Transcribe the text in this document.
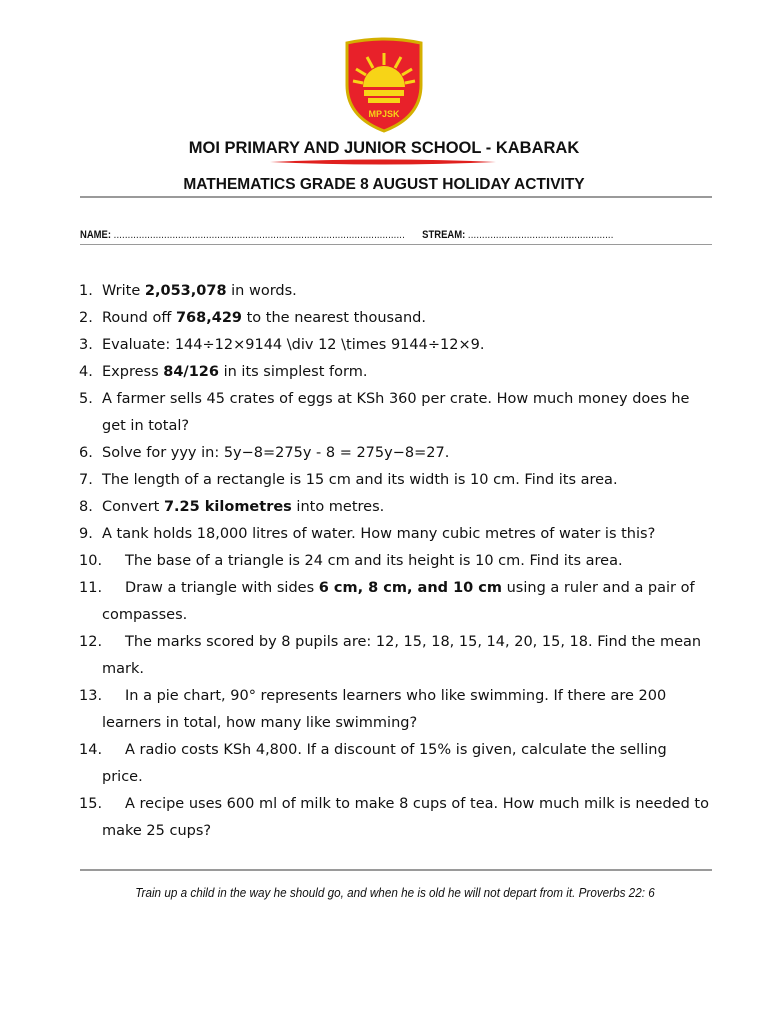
MPJSK
MOI PRIMARY AND JUNIOR SCHOOL - KABARAK
MATHEMATICS GRADE 8 AUGUST HOLIDAY ACTIVITY
NAME: ........................................................................................................ STREAM: ....................................................
1. Write 2,053,078 in words.
2. Round off 768,429 to the nearest thousand.
3. Evaluate: 144÷12×9144 \div 12 \times 9144÷12×9.
4. Express 84/126 in its simplest form.
5. A farmer sells 45 crates of eggs at KSh 360 per crate. How much money does he get in total?
6. Solve for yyy in: 5y−8=275y - 8 = 275y−8=27.
7. The length of a rectangle is 15 cm and its width is 10 cm. Find its area.
8. Convert 7.25 kilometres into metres.
9. A tank holds 18,000 litres of water. How many cubic metres of water is this?
10. The base of a triangle is 24 cm and its height is 10 cm. Find its area.
11. Draw a triangle with sides 6 cm, 8 cm, and 10 cm using a ruler and a pair of compasses.
12. The marks scored by 8 pupils are: 12, 15, 18, 15, 14, 20, 15, 18. Find the mean mark.
13. In a pie chart, 90° represents learners who like swimming. If there are 200 learners in total, how many like swimming?
14. A radio costs KSh 4,800. If a discount of 15% is given, calculate the selling price.
15. A recipe uses 600 ml of milk to make 8 cups of tea. How much milk is needed to make 25 cups?
Train up a child in the way he should go, and when he is old he will not depart from it. Proverbs 22: 6
